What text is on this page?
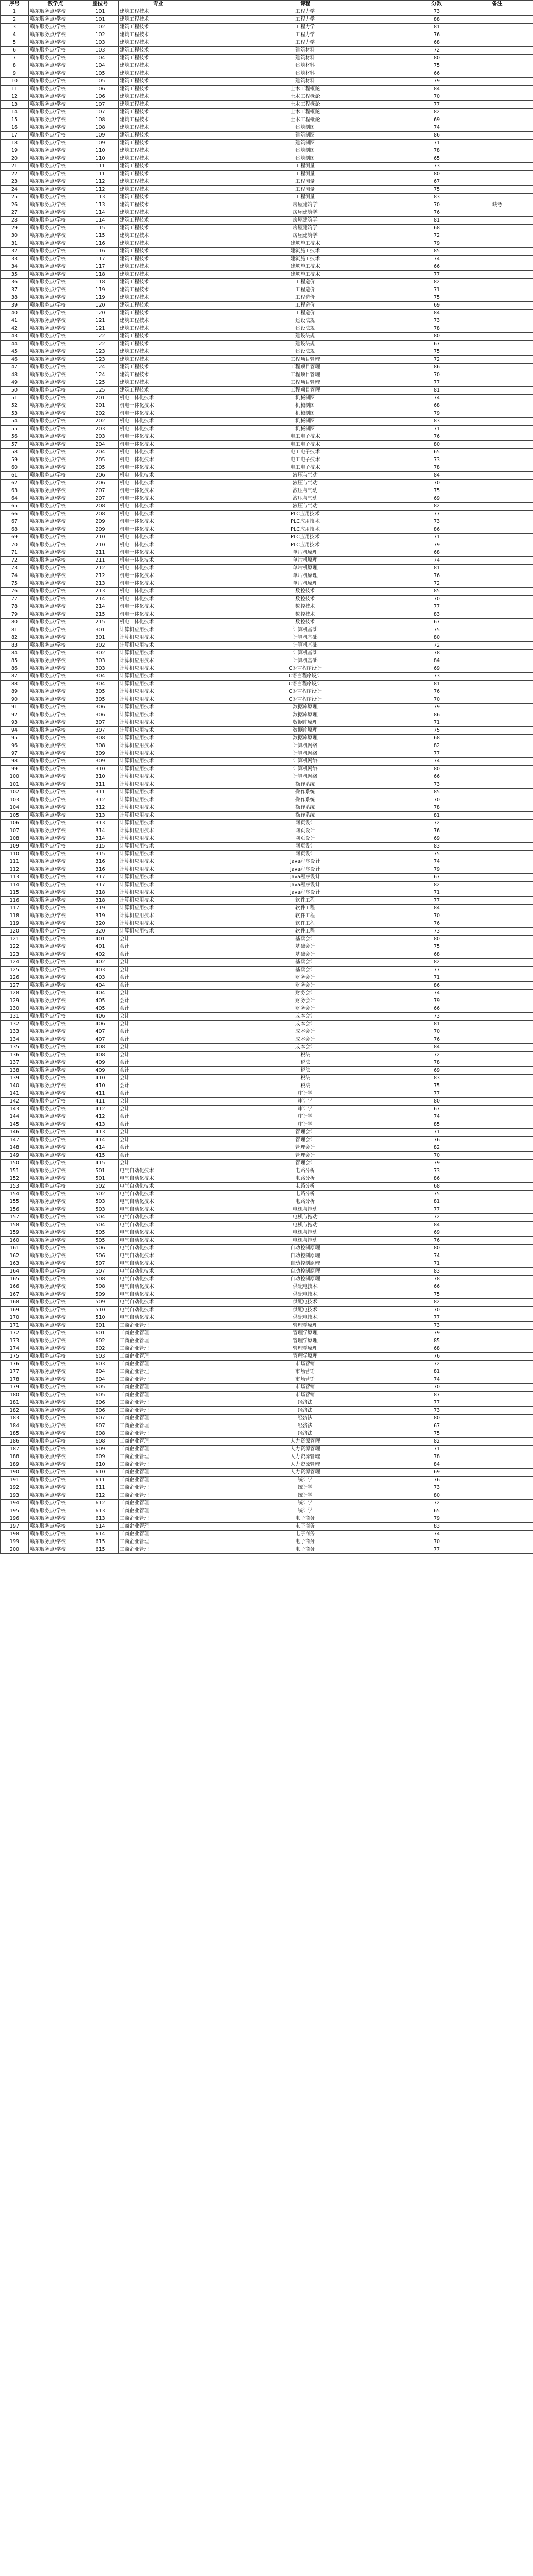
序号	教学点	座位号	专业	课程	分数	备注
1	赣东服务点/学校	101	建筑工程技术	工程力学	73	
2	赣东服务点/学校	101	建筑工程技术	工程力学	88	
3	赣东服务点/学校	102	建筑工程技术	工程力学	81	
4	赣东服务点/学校	102	建筑工程技术	工程力学	76	
5	赣东服务点/学校	103	建筑工程技术	工程力学	68	
6	赣东服务点/学校	103	建筑工程技术	建筑材料	72	
7	赣东服务点/学校	104	建筑工程技术	建筑材料	80	
8	赣东服务点/学校	104	建筑工程技术	建筑材料	75	
9	赣东服务点/学校	105	建筑工程技术	建筑材料	66	
10	赣东服务点/学校	105	建筑工程技术	建筑材料	79	
11	赣东服务点/学校	106	建筑工程技术	土木工程概论	84	
12	赣东服务点/学校	106	建筑工程技术	土木工程概论	70	
13	赣东服务点/学校	107	建筑工程技术	土木工程概论	77	
14	赣东服务点/学校	107	建筑工程技术	土木工程概论	82	
15	赣东服务点/学校	108	建筑工程技术	土木工程概论	69	
16	赣东服务点/学校	108	建筑工程技术	建筑制图	74	
17	赣东服务点/学校	109	建筑工程技术	建筑制图	86	
18	赣东服务点/学校	109	建筑工程技术	建筑制图	71	
19	赣东服务点/学校	110	建筑工程技术	建筑制图	78	
20	赣东服务点/学校	110	建筑工程技术	建筑制图	65	
21	赣东服务点/学校	111	建筑工程技术	工程测量	73	
22	赣东服务点/学校	111	建筑工程技术	工程测量	80	
23	赣东服务点/学校	112	建筑工程技术	工程测量	67	
24	赣东服务点/学校	112	建筑工程技术	工程测量	75	
25	赣东服务点/学校	113	建筑工程技术	工程测量	83	
26	赣东服务点/学校	113	建筑工程技术	房屋建筑学	70	缺考
27	赣东服务点/学校	114	建筑工程技术	房屋建筑学	76	
28	赣东服务点/学校	114	建筑工程技术	房屋建筑学	81	
29	赣东服务点/学校	115	建筑工程技术	房屋建筑学	68	
30	赣东服务点/学校	115	建筑工程技术	房屋建筑学	72	
31	赣东服务点/学校	116	建筑工程技术	建筑施工技术	79	
32	赣东服务点/学校	116	建筑工程技术	建筑施工技术	85	
33	赣东服务点/学校	117	建筑工程技术	建筑施工技术	74	
34	赣东服务点/学校	117	建筑工程技术	建筑施工技术	66	
35	赣东服务点/学校	118	建筑工程技术	建筑施工技术	77	
36	赣东服务点/学校	118	建筑工程技术	工程造价	82	
37	赣东服务点/学校	119	建筑工程技术	工程造价	71	
38	赣东服务点/学校	119	建筑工程技术	工程造价	75	
39	赣东服务点/学校	120	建筑工程技术	工程造价	69	
40	赣东服务点/学校	120	建筑工程技术	工程造价	84	
41	赣东服务点/学校	121	建筑工程技术	建设法规	73	
42	赣东服务点/学校	121	建筑工程技术	建设法规	78	
43	赣东服务点/学校	122	建筑工程技术	建设法规	80	
44	赣东服务点/学校	122	建筑工程技术	建设法规	67	
45	赣东服务点/学校	123	建筑工程技术	建设法规	75	
46	赣东服务点/学校	123	建筑工程技术	工程项目管理	72	
47	赣东服务点/学校	124	建筑工程技术	工程项目管理	86	
48	赣东服务点/学校	124	建筑工程技术	工程项目管理	70	
49	赣东服务点/学校	125	建筑工程技术	工程项目管理	77	
50	赣东服务点/学校	125	建筑工程技术	工程项目管理	81	
51	赣东服务点/学校	201	机电一体化技术	机械制图	74	
52	赣东服务点/学校	201	机电一体化技术	机械制图	68	
53	赣东服务点/学校	202	机电一体化技术	机械制图	79	
54	赣东服务点/学校	202	机电一体化技术	机械制图	83	
55	赣东服务点/学校	203	机电一体化技术	机械制图	71	
56	赣东服务点/学校	203	机电一体化技术	电工电子技术	76	
57	赣东服务点/学校	204	机电一体化技术	电工电子技术	80	
58	赣东服务点/学校	204	机电一体化技术	电工电子技术	65	
59	赣东服务点/学校	205	机电一体化技术	电工电子技术	73	
60	赣东服务点/学校	205	机电一体化技术	电工电子技术	78	
61	赣东服务点/学校	206	机电一体化技术	液压与气动	84	
62	赣东服务点/学校	206	机电一体化技术	液压与气动	70	
63	赣东服务点/学校	207	机电一体化技术	液压与气动	75	
64	赣东服务点/学校	207	机电一体化技术	液压与气动	69	
65	赣东服务点/学校	208	机电一体化技术	液压与气动	82	
66	赣东服务点/学校	208	机电一体化技术	PLC应用技术	77	
67	赣东服务点/学校	209	机电一体化技术	PLC应用技术	73	
68	赣东服务点/学校	209	机电一体化技术	PLC应用技术	86	
69	赣东服务点/学校	210	机电一体化技术	PLC应用技术	71	
70	赣东服务点/学校	210	机电一体化技术	PLC应用技术	79	
71	赣东服务点/学校	211	机电一体化技术	单片机原理	68	
72	赣东服务点/学校	211	机电一体化技术	单片机原理	74	
73	赣东服务点/学校	212	机电一体化技术	单片机原理	81	
74	赣东服务点/学校	212	机电一体化技术	单片机原理	76	
75	赣东服务点/学校	213	机电一体化技术	单片机原理	72	
76	赣东服务点/学校	213	机电一体化技术	数控技术	85	
77	赣东服务点/学校	214	机电一体化技术	数控技术	70	
78	赣东服务点/学校	214	机电一体化技术	数控技术	77	
79	赣东服务点/学校	215	机电一体化技术	数控技术	83	
80	赣东服务点/学校	215	机电一体化技术	数控技术	67	
81	赣东服务点/学校	301	计算机应用技术	计算机基础	75	
82	赣东服务点/学校	301	计算机应用技术	计算机基础	80	
83	赣东服务点/学校	302	计算机应用技术	计算机基础	72	
84	赣东服务点/学校	302	计算机应用技术	计算机基础	78	
85	赣东服务点/学校	303	计算机应用技术	计算机基础	84	
86	赣东服务点/学校	303	计算机应用技术	C语言程序设计	69	
87	赣东服务点/学校	304	计算机应用技术	C语言程序设计	73	
88	赣东服务点/学校	304	计算机应用技术	C语言程序设计	81	
89	赣东服务点/学校	305	计算机应用技术	C语言程序设计	76	
90	赣东服务点/学校	305	计算机应用技术	C语言程序设计	70	
91	赣东服务点/学校	306	计算机应用技术	数据库原理	79	
92	赣东服务点/学校	306	计算机应用技术	数据库原理	86	
93	赣东服务点/学校	307	计算机应用技术	数据库原理	71	
94	赣东服务点/学校	307	计算机应用技术	数据库原理	75	
95	赣东服务点/学校	308	计算机应用技术	数据库原理	68	
96	赣东服务点/学校	308	计算机应用技术	计算机网络	82	
97	赣东服务点/学校	309	计算机应用技术	计算机网络	77	
98	赣东服务点/学校	309	计算机应用技术	计算机网络	74	
99	赣东服务点/学校	310	计算机应用技术	计算机网络	80	
100	赣东服务点/学校	310	计算机应用技术	计算机网络	66	
101	赣东服务点/学校	311	计算机应用技术	操作系统	73	
102	赣东服务点/学校	311	计算机应用技术	操作系统	85	
103	赣东服务点/学校	312	计算机应用技术	操作系统	70	
104	赣东服务点/学校	312	计算机应用技术	操作系统	78	
105	赣东服务点/学校	313	计算机应用技术	操作系统	81	
106	赣东服务点/学校	313	计算机应用技术	网页设计	72	
107	赣东服务点/学校	314	计算机应用技术	网页设计	76	
108	赣东服务点/学校	314	计算机应用技术	网页设计	69	
109	赣东服务点/学校	315	计算机应用技术	网页设计	83	
110	赣东服务点/学校	315	计算机应用技术	网页设计	75	
111	赣东服务点/学校	316	计算机应用技术	Java程序设计	74	
112	赣东服务点/学校	316	计算机应用技术	Java程序设计	79	
113	赣东服务点/学校	317	计算机应用技术	Java程序设计	67	
114	赣东服务点/学校	317	计算机应用技术	Java程序设计	82	
115	赣东服务点/学校	318	计算机应用技术	Java程序设计	71	
116	赣东服务点/学校	318	计算机应用技术	软件工程	77	
117	赣东服务点/学校	319	计算机应用技术	软件工程	84	
118	赣东服务点/学校	319	计算机应用技术	软件工程	70	
119	赣东服务点/学校	320	计算机应用技术	软件工程	76	
120	赣东服务点/学校	320	计算机应用技术	软件工程	73	
121	赣东服务点/学校	401	会计	基础会计	80	
122	赣东服务点/学校	401	会计	基础会计	75	
123	赣东服务点/学校	402	会计	基础会计	68	
124	赣东服务点/学校	402	会计	基础会计	82	
125	赣东服务点/学校	403	会计	基础会计	77	
126	赣东服务点/学校	403	会计	财务会计	71	
127	赣东服务点/学校	404	会计	财务会计	86	
128	赣东服务点/学校	404	会计	财务会计	74	
129	赣东服务点/学校	405	会计	财务会计	79	
130	赣东服务点/学校	405	会计	财务会计	66	
131	赣东服务点/学校	406	会计	成本会计	73	
132	赣东服务点/学校	406	会计	成本会计	81	
133	赣东服务点/学校	407	会计	成本会计	70	
134	赣东服务点/学校	407	会计	成本会计	76	
135	赣东服务点/学校	408	会计	成本会计	84	
136	赣东服务点/学校	408	会计	税法	72	
137	赣东服务点/学校	409	会计	税法	78	
138	赣东服务点/学校	409	会计	税法	69	
139	赣东服务点/学校	410	会计	税法	83	
140	赣东服务点/学校	410	会计	税法	75	
141	赣东服务点/学校	411	会计	审计学	77	
142	赣东服务点/学校	411	会计	审计学	80	
143	赣东服务点/学校	412	会计	审计学	67	
144	赣东服务点/学校	412	会计	审计学	74	
145	赣东服务点/学校	413	会计	审计学	85	
146	赣东服务点/学校	413	会计	管理会计	71	
147	赣东服务点/学校	414	会计	管理会计	76	
148	赣东服务点/学校	414	会计	管理会计	82	
149	赣东服务点/学校	415	会计	管理会计	70	
150	赣东服务点/学校	415	会计	管理会计	79	
151	赣东服务点/学校	501	电气自动化技术	电路分析	73	
152	赣东服务点/学校	501	电气自动化技术	电路分析	86	
153	赣东服务点/学校	502	电气自动化技术	电路分析	68	
154	赣东服务点/学校	502	电气自动化技术	电路分析	75	
155	赣东服务点/学校	503	电气自动化技术	电路分析	81	
156	赣东服务点/学校	503	电气自动化技术	电机与拖动	77	
157	赣东服务点/学校	504	电气自动化技术	电机与拖动	72	
158	赣东服务点/学校	504	电气自动化技术	电机与拖动	84	
159	赣东服务点/学校	505	电气自动化技术	电机与拖动	69	
160	赣东服务点/学校	505	电气自动化技术	电机与拖动	76	
161	赣东服务点/学校	506	电气自动化技术	自动控制原理	80	
162	赣东服务点/学校	506	电气自动化技术	自动控制原理	74	
163	赣东服务点/学校	507	电气自动化技术	自动控制原理	71	
164	赣东服务点/学校	507	电气自动化技术	自动控制原理	83	
165	赣东服务点/学校	508	电气自动化技术	自动控制原理	78	
166	赣东服务点/学校	508	电气自动化技术	供配电技术	66	
167	赣东服务点/学校	509	电气自动化技术	供配电技术	75	
168	赣东服务点/学校	509	电气自动化技术	供配电技术	82	
169	赣东服务点/学校	510	电气自动化技术	供配电技术	70	
170	赣东服务点/学校	510	电气自动化技术	供配电技术	77	
171	赣东服务点/学校	601	工商企业管理	管理学原理	73	
172	赣东服务点/学校	601	工商企业管理	管理学原理	79	
173	赣东服务点/学校	602	工商企业管理	管理学原理	85	
174	赣东服务点/学校	602	工商企业管理	管理学原理	68	
175	赣东服务点/学校	603	工商企业管理	管理学原理	76	
176	赣东服务点/学校	603	工商企业管理	市场营销	72	
177	赣东服务点/学校	604	工商企业管理	市场营销	81	
178	赣东服务点/学校	604	工商企业管理	市场营销	74	
179	赣东服务点/学校	605	工商企业管理	市场营销	70	
180	赣东服务点/学校	605	工商企业管理	市场营销	87	
181	赣东服务点/学校	606	工商企业管理	经济法	77	
182	赣东服务点/学校	606	工商企业管理	经济法	73	
183	赣东服务点/学校	607	工商企业管理	经济法	80	
184	赣东服务点/学校	607	工商企业管理	经济法	67	
185	赣东服务点/学校	608	工商企业管理	经济法	75	
186	赣东服务点/学校	608	工商企业管理	人力资源管理	82	
187	赣东服务点/学校	609	工商企业管理	人力资源管理	71	
188	赣东服务点/学校	609	工商企业管理	人力资源管理	78	
189	赣东服务点/学校	610	工商企业管理	人力资源管理	84	
190	赣东服务点/学校	610	工商企业管理	人力资源管理	69	
191	赣东服务点/学校	611	工商企业管理	统计学	76	
192	赣东服务点/学校	611	工商企业管理	统计学	73	
193	赣东服务点/学校	612	工商企业管理	统计学	80	
194	赣东服务点/学校	612	工商企业管理	统计学	72	
195	赣东服务点/学校	613	工商企业管理	统计学	65	
196	赣东服务点/学校	613	工商企业管理	电子商务	79	
197	赣东服务点/学校	614	工商企业管理	电子商务	83	
198	赣东服务点/学校	614	工商企业管理	电子商务	74	
199	赣东服务点/学校	615	工商企业管理	电子商务	70	
200	赣东服务点/学校	615	工商企业管理	电子商务	77	
